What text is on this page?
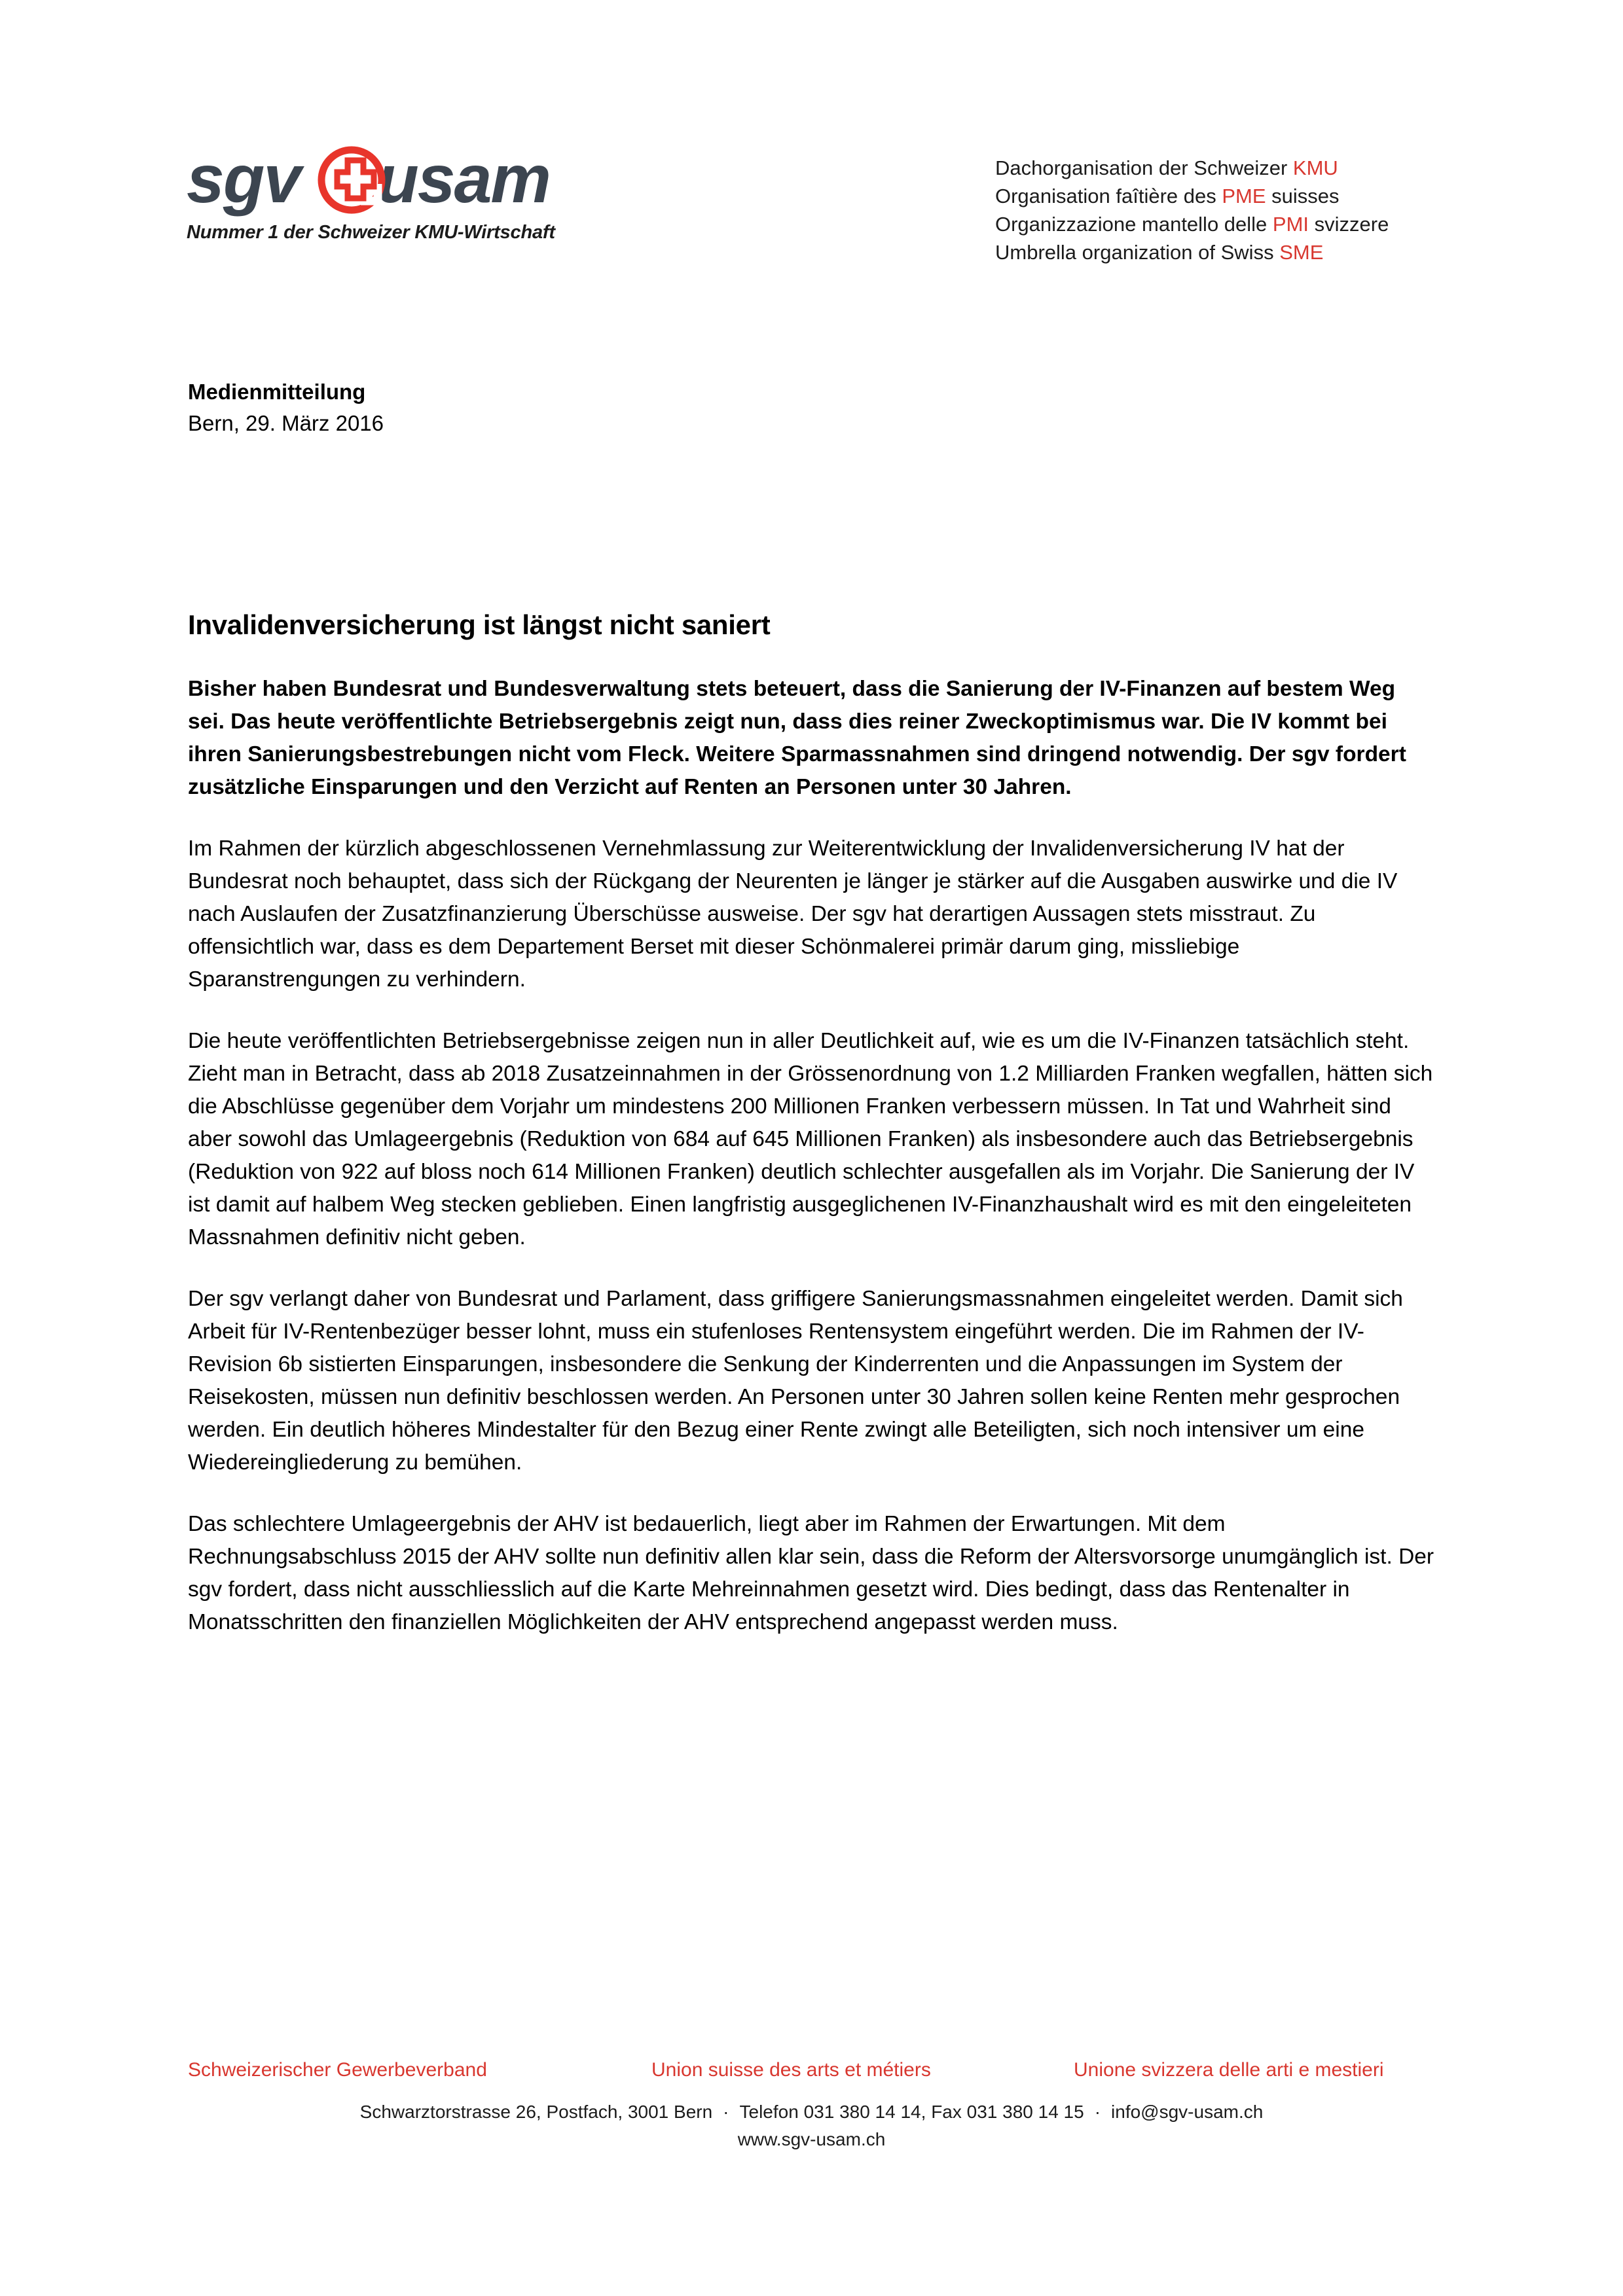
sgv usam
Nummer 1 der Schweizer KMU-Wirtschaft
Dachorganisation der Schweizer KMU
Organisation faîtière des PME suisses
Organizzazione mantello delle PMI svizzere
Umbrella organization of Swiss SME
Medienmitteilung
Bern, 29. März 2016
Invalidenversicherung ist längst nicht saniert

Bisher haben Bundesrat und Bundesverwaltung stets beteuert, dass die Sanierung der IV-Finanzen auf bestem Weg sei. Das heute veröffentlichte Betriebsergebnis zeigt nun, dass dies reiner Zweckoptimismus war. Die IV kommt bei ihren Sanierungsbestrebungen nicht vom Fleck. Weitere Sparmassnahmen sind dringend notwendig. Der sgv fordert zusätzliche Einsparungen und den Verzicht auf Renten an Personen unter 30 Jahren.

Im Rahmen der kürzlich abgeschlossenen Vernehmlassung zur Weiterentwicklung der Invalidenversicherung IV hat der Bundesrat noch behauptet, dass sich der Rückgang der Neurenten je länger je stärker auf die Ausgaben auswirke und die IV nach Auslaufen der Zusatzfinanzierung Überschüsse ausweise. Der sgv hat derartigen Aussagen stets misstraut. Zu offensichtlich war, dass es dem Departement Berset mit dieser Schönmalerei primär darum ging, missliebige Sparanstrengungen zu verhindern.

Die heute veröffentlichten Betriebsergebnisse zeigen nun in aller Deutlichkeit auf, wie es um die IV-Finanzen tatsächlich steht. Zieht man in Betracht, dass ab 2018 Zusatzeinnahmen in der Grössenordnung von 1.2 Milliarden Franken wegfallen, hätten sich die Abschlüsse gegenüber dem Vorjahr um mindestens 200 Millionen Franken verbessern müssen. In Tat und Wahrheit sind aber sowohl das Umlageergebnis (Reduktion von 684 auf 645 Millionen Franken) als insbesondere auch das Betriebsergebnis (Reduktion von 922 auf bloss noch 614 Millionen Franken) deutlich schlechter ausgefallen als im Vorjahr. Die Sanierung der IV ist damit auf halbem Weg stecken geblieben. Einen langfristig ausgeglichenen IV-Finanzhaushalt wird es mit den eingeleiteten Massnahmen definitiv nicht geben.

Der sgv verlangt daher von Bundesrat und Parlament, dass griffigere Sanierungsmassnahmen eingeleitet werden. Damit sich Arbeit für IV-Rentenbezüger besser lohnt, muss ein stufenloses Rentensystem eingeführt werden. Die im Rahmen der IV-Revision 6b sistierten Einsparungen, insbesondere die Senkung der Kinderrenten und die Anpassungen im System der Reisekosten, müssen nun definitiv beschlossen werden. An Personen unter 30 Jahren sollen keine Renten mehr gesprochen werden. Ein deutlich höheres Mindestalter für den Bezug einer Rente zwingt alle Beteiligten, sich noch intensiver um eine Wiedereingliederung zu bemühen.

Das schlechtere Umlageergebnis der AHV ist bedauerlich, liegt aber im Rahmen der Erwartungen. Mit dem Rechnungsabschluss 2015 der AHV sollte nun definitiv allen klar sein, dass die Reform der Altersvorsorge unumgänglich ist. Der sgv fordert, dass nicht ausschliesslich auf die Karte Mehreinnahmen gesetzt wird. Dies bedingt, dass das Rentenalter in Monatsschritten den finanziellen Möglichkeiten der AHV entsprechend angepasst werden muss.

Schweizerischer Gewerbeverband	Union suisse des arts et métiers	Unione svizzera delle arti e mestieri
Schwarztorstrasse 26, Postfach, 3001 Bern · Telefon 031 380 14 14, Fax 031 380 14 15 · info@sgv-usam.ch
www.sgv-usam.ch
